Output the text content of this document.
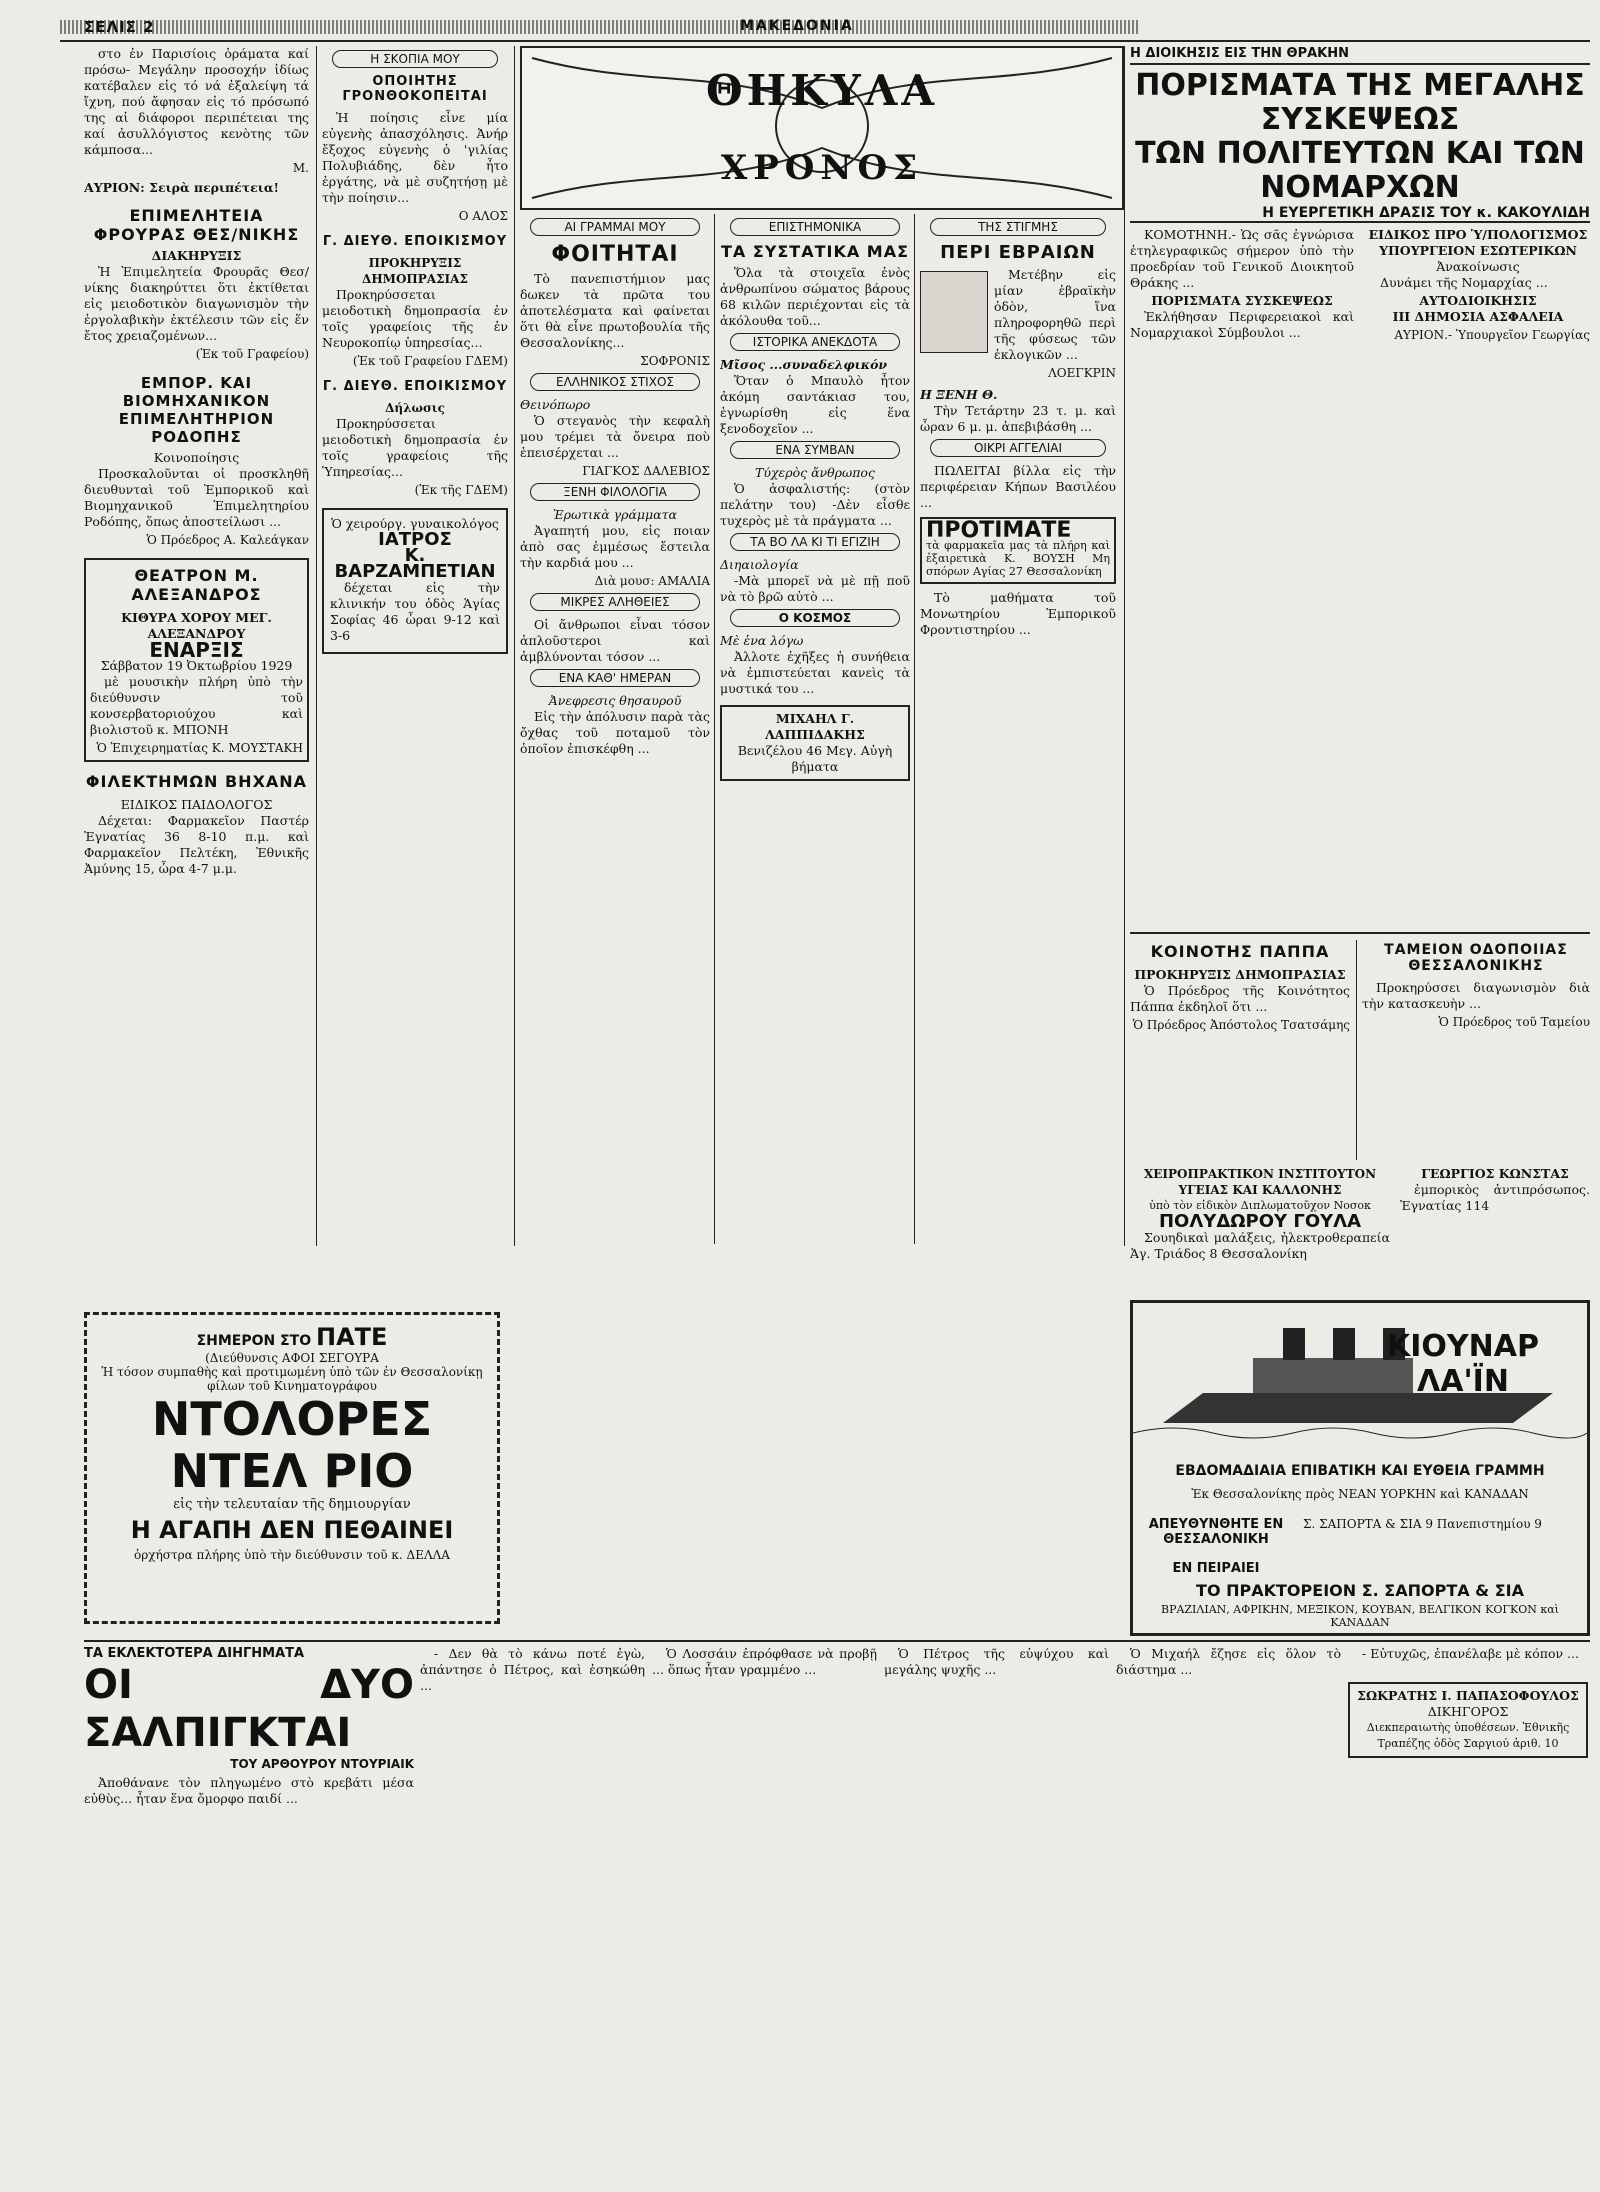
ΣΕΛΙΣ 2	ΜΑΚΕΔΟΝΙΑ

στο ἐν Παρισίοις ὁράματα καί πρόσω- Μεγάλην προσοχήν ἰδίως κατέβαλεν εἰς τό νά ἐξαλείψη τά ἴχνη, πού ἄφησαν εἰς τό πρόσωπό της αἱ διάφοροι περιπέτειαι της καί ἀσυλλόγιστος κενὸτης τῶν κάμποσα...

Μ.
ΑΥΡΙΟΝ: Σειρὰ περιπέτεια!
ΕΠΙΜΕΛΗΤΕΙΑ ΦΡΟΥΡΑΣ ΘΕΣ/ΝΙΚΗΣ
ΔΙΑΚΗΡΥΞΙΣ

Ἡ Ἐπιμελητεία Φρουρᾶς Θεσ/νίκης διακηρύττει ὅτι ἐκτίθεται εἰς μειοδοτικὸν διαγωνισμὸν τὴν ἐργολαβικὴν ἐκτέλεσιν τῶν εἰς ἕν ἔτος χρειαζομένων...

(Ἐκ τοῦ Γραφείου)
ΕΜΠΟΡ. ΚΑΙ ΒΙΟΜΗΧΑΝΙΚΟΝ ΕΠΙΜΕΛΗΤΗΡΙΟΝ ΡΟΔΟΠΗΣ
Κοινοποίησις

Προσκαλοῦνται οἱ προσκληθῆ διευθυνταὶ τοῦ Ἐμπορικοῦ καὶ Βιομηχανικοῦ Ἐπιμελητηρίου Ροδόπης, ὅπως ἀποστείλωσι ...

Ὁ Πρόεδρος Α. Καλεάγκαν
ΘΕΑΤΡΟΝ Μ. ΑΛΕΞΑΝΔΡΟΣ
ΚΙΘΥΡΑ ΧΟΡΟΥ ΜΕΓ. ΑΛΕΞΑΝΔΡΟΥ
ΕΝΑΡΞΙΣ
Σάββατον 19 Ὀκτωβρίου 1929

μὲ μουσικὴν πλήρη ὑπὸ τὴν διεύθυνσιν τοῦ κονσερβατοριούχου καὶ βιολιστοῦ κ. ΜΠΟΝΗ

Ὁ Ἐπιχειρηματίας Κ. ΜΟΥΣΤΑΚΗ
ΦΙΛΕΚΤΗΜΩΝ ΒΗΧΑΝΑ
ΕΙΔΙΚΟΣ ΠΑΙΔΟΛΟΓΟΣ

Δέχεται: Φαρμακεῖον Παστέρ Ἐγνατίας 36 8-10 π.μ. καὶ Φαρμακεῖον Πελτέκη, Ἐθνικῆς Ἀμύνης 15, ὧρα 4-7 μ.μ.

Η ΣΚΟΠΙΑ ΜΟΥ
ΟΠΟΙΗΤΗΣ ΓΡΟΝΘΟΚΟΠΕΙΤΑΙ

Ἡ ποίησις εἶνε μία εὐγενὴς ἀπασχόλησις. Ἀνήρ ἔξοχος εὐγενὴς ὁ 'γιλίας Πολυβιάδης, δὲν ἦτο ἐργάτης, νὰ μὲ συζητήσῃ μὲ τὴν ποίησιν...

Ο ΑΛΟΣ
Γ. ΔΙΕΥΘ. ΕΠΟΙΚΙΣΜΟΥ
ΠΡΟΚΗΡΥΞΙΣ ΔΗΜΟΠΡΑΣΙΑΣ

Προκηρύσσεται μειοδοτικὴ δημοπρασία ἐν τοῖς γραφείοις τῆς ἐν Νευροκοπίῳ ὑπηρεσίας...

(Ἐκ τοῦ Γραφείου ΓΔΕΜ)
Γ. ΔΙΕΥΘ. ΕΠΟΙΚΙΣΜΟΥ
Δήλωσις

Προκηρύσσεται μειοδοτικὴ δημοπρασία ἐν τοῖς γραφείοις τῆς Ὑπηρεσίας...

(Ἐκ τῆς ΓΔΕΜ)
Ὁ χειρούργ. γυναικολόγος
ΙΑΤΡΟΣ
Κ. ΒΑΡΖΑΜΠΕΤΙΑΝ

δέχεται εἰς τὴν κλινικήν του ὁδὸς Ἁγίας Σοφίας 46 ὧραι 9-12 καὶ 3-6

ΘΗΚΥΛΑ
ΧΡΟΝΟΣ
ΑΙ ΓΡΑΜΜΑΙ ΜΟΥ
ΦΟΙΤΗΤΑΙ

Τὸ πανεπιστήμιον μας δωκεν τὰ πρῶτα του ἀποτελέσματα καὶ φαίνεται ὅτι θὰ εἶνε πρωτοβουλία τῆς Θεσσαλονίκης...

ΣΟΦΡΟΝΙΣ
ΕΛΛΗΝΙΚΟΣ ΣΤΙΧΟΣ
Θεινόπωρο

Ὁ στεγανὸς τὴν κεφαλὴ μου τρέμει τὰ ὄνειρα ποὺ ἐπεισέρχεται ...

ΓΙΑΓΚΟΣ ΔΑΛΕΒΙΟΣ
ΞΕΝΗ ΦΙΛΟΛΟΓΙΑ
Ἐρωτικὰ γράμματα

Ἀγαπητή μου, εἰς ποιαν ἀπὸ σας ἐμμέσως ἔστειλα τὴν καρδιά μου ...

Διὰ μουσ: ΑΜΑΛΙΑ
ΜΙΚΡΕΣ ΑΛΗΘΕΙΕΣ

Οἱ ἄνθρωποι εἶναι τόσον ἀπλοῦστεροι καὶ ἀμβλύνονται τόσον ...

ΕΝΑ ΚΑΘ' ΗΜΕΡΑΝ
Ἀνεφρεσις θησαυροῦ

Εἰς τὴν ἀπόλυσιν παρὰ τὰς ὄχθας τοῦ ποταμοῦ τὸν ὁποῖον ἐπισκέφθη ...

ΕΠΙΣΤΗΜΟΝΙΚΑ
ΤΑ ΣΥΣΤΑΤΙΚΑ ΜΑΣ

Ὅλα τὰ στοιχεῖα ἐνὸς ἀνθρωπίνου σώματος βάρους 68 κιλῶν περιέχονται εἰς τὰ ἀκόλουθα τοῦ...

ΙΣΤΟΡΙΚΑ ΑΝΕΚΔΟΤΑ
Μῖσος ...συναδελφικόν

Ὅταν ὁ Μπαυλὸ ἦτον ἀκόμη σαντάκιασ του, ἐγνωρίσθη εἰς ἕνα ξενοδοχεῖον ...

ΕΝΑ ΣΥΜΒΑΝ
Τύχερὸς ἄνθρωπος

Ὁ ἀσφαλιστής: (στὸν πελάτην του) -Δὲν εἶσθε τυχερὸς μὲ τὰ πράγματα ...

ΤΑ ΒΟ ΛΑ ΚΙ ΤΙ ΕΓΙΖΙΗ
Διηαιολογία

-Μὰ μπορεῖ νὰ μὲ πῇ ποῦ νὰ τὸ βρῶ αὐτὸ ...

Ο ΚΟΣΜΟΣ
Μὲ ἐνα λόγω

Ἀλλοτε ἐχῆξες ἡ συνήθεια νὰ ἐμπιστεύεται κανεὶς τὰ μυστικά του ...

ΜΙΧΑΗΛ Γ. ΛΑΠΠΙΔΑΚΗΣ
Βενιζέλου 46 Μεγ. Αὐγὴ βήματα
ΤΗΣ ΣΤΙΓΜΗΣ
ΠΕΡΙ ΕΒΡΑΙΩΝ

Μετέβην εἰς μίαν ἑβραϊκὴν ὁδὸν, ἵνα πληροφορηθῶ περὶ τῆς φύσεως τῶν ἐκλογικῶν ...

ΛΟΕΓΚΡΙΝ
Η ΞΕΝΗ Θ.

Τὴν Τετάρτην 23 τ. μ. καὶ ὧραν 6 μ. μ. ἀπεβιβάσθη ...

ΟΙΚΡΙ ΑΓΓΕΛΙΑΙ

ΠΩΛΕΙΤΑΙ βίλλα εἰς τὴν περιφέρειαν Κήπων Βασιλέου ...

ΠΡΟΤΙΜΑΤΕ
τὰ φαρμακεῖα μας τὰ πλήρη καὶ ἐξαιρετικὰ Κ. ΒΟΥΣΗ Μη σπόρων Αγίας 27 Θεσσαλονίκη

Τὸ μαθήματα τοῦ Μονωτηρίου Ἐμπορικοῦ Φροντιστηρίου ...

Η ΔΙΟΙΚΗΣΙΣ ΕΙΣ ΤΗΝ ΘΡΑΚΗΝ
ΠΟΡΙΣΜΑΤΑ ΤΗΣ ΜΕΓΑΛΗΣ ΣΥΣΚΕΨΕΩΣ
ΤΩΝ ΠΟΛΙΤΕΥΤΩΝ ΚΑΙ ΤΩΝ ΝΟΜΑΡΧΩΝ
Η ΕΥΕΡΓΕΤΙΚΗ ΔΡΑΣΙΣ ΤΟΥ κ. ΚΑΚΟΥΛΙΔΗ

ΚΟΜΟΤΗΝΗ.- Ὡς σᾶς ἐγνώρισα ἐτηλεγραφικῶς σήμερον ὑπὸ τὴν προεδρίαν τοῦ Γενικοῦ Διοικητοῦ Θράκης ...

ΠΟΡΙΣΜΑΤΑ ΣΥΣΚΕΨΕΩΣ

Ἐκλήθησαν Περιφερειακοὶ καὶ Νομαρχιακοὶ Σύμβουλοι ...

ΕΙΔΙΚΟΣ ΠΡΟ Ὑ/ΠΟΛΟΓΙΣΜΟΣ
ΥΠΟΥΡΓΕΙΟΝ ΕΣΩΤΕΡΙΚΩΝ
Ἀνακοίνωσις

Δυνάμει τῆς Νομαρχίας ...

ΑΥΤΟΔΙΟΙΚΗΣΙΣ
ΙΙΙ ΔΗΜΟΣΙΑ ΑΣΦΑΛΕΙΑ
ΑΥΡΙΟΝ.- Ὑπουργεῖον Γεωργίας
ΚΟΙΝΟΤΗΣ ΠΑΠΠΑ
ΠΡΟΚΗΡΥΞΙΣ ΔΗΜΟΠΡΑΣΙΑΣ

Ὁ Πρόεδρος τῆς Κοινότητος Πάππα ἐκδηλοῖ ὅτι ...

Ὁ Πρόεδρος Ἀπόστολος Τσατσάμης
ΤΑΜΕΙΟΝ ΟΔΟΠΟΙΙΑΣ ΘΕΣΣΑΛΟΝΙΚΗΣ

Προκηρύσσει διαγωνισμὸν διὰ τὴν κατασκευὴν ...

Ὁ Πρόεδρος τοῦ Ταμείου
ΧΕΙΡΟΠΡΑΚΤΙΚΟΝ ΙΝΣΤΙΤΟΥΤΟΝ ΥΓΕΙΑΣ ΚΑΙ ΚΑΛΛΟΝΗΣ
ὑπὸ τὸν εἰδικὸν Διπλωματοῦχον Νοσοκ
ΠΟΛΥΔΩΡΟΥ ΓΟΥΛΑ

Σουηδικαὶ μαλάξεις, ἠλεκτροθεραπεία Ἁγ. Τριάδος 8 Θεσσαλονίκη

ΓΕΩΡΓΙΟΣ ΚΩΝΣΤΑΣ

ἐμπορικὸς ἀντιπρόσωπος. Ἐγνατίας 114

ΚΙΟΥΝΑΡ ΛΑ'ΪΝ
ΕΒΔΟΜΑΔΙΑΙΑ ΕΠΙΒΑΤΙΚΗ ΚΑΙ ΕΥΘΕΙΑ ΓΡΑΜΜΗ
Ἐκ Θεσσαλονίκης πρὸς ΝΕΑΝ ΥΟΡΚΗΝ καὶ ΚΑΝΑΔΑΝ
ΑΠΕΥΘΥΝΘΗΤΕ ΕΝ ΘΕΣΣΑΛΟΝΙΚΗ
Σ. ΣΑΠΟΡΤΑ & ΣΙΑ 9 Πανεπιστημίου 9
ΕΝ ΠΕΙΡΑΙΕΙ
ΤΟ ΠΡΑΚΤΟΡΕΙΟΝ Σ. ΣΑΠΟΡΤΑ & ΣΙΑ
ΒΡΑΖΙΛΙΑΝ, ΑΦΡΙΚΗΝ, ΜΕΞΙΚΟΝ, ΚΟΥΒΑΝ, ΒΕΛΓΙΚΟΝ ΚΟΓΚΟΝ καὶ ΚΑΝΑΔΑΝ
ΣΗΜΕΡΟΝ ΣΤΟ ΠΑΤΕ
(Διεύθυνσις ΑΦΟΙ ΣΕΓΟΥΡΑ
Ἡ τόσον συμπαθὴς καὶ προτιμωμένη ὑπὸ τῶν ἐν Θεσσαλονίκῃ φίλων τοῦ Κινηματογράφου
ΝΤΟΛΟΡΕΣ
ΝΤΕΛ ΡΙΟ
εἰς τὴν τελευταίαν τῆς δημιουργίαν
Η ΑΓΑΠΗ ΔΕΝ ΠΕΘΑΙΝΕΙ
ὀρχήστρα πλήρης ὑπὸ τὴν διεύθυνσιν τοῦ κ. ΔΕΛΛΑ
ΤΑ ΕΚΛΕΚΤΟΤΕΡΑ ΔΙΗΓΗΜΑΤΑ
ΟΙ ΔΥΟ ΣΑΛΠΙΓΚΤΑΙ
ΤΟΥ ΑΡΘΟΥΡΟΥ ΝΤΟΥΡΙΑΙΚ

Ἀποθάνανε τὸν πληγωμένο στὸ κρεβάτι μέσα εὐθὺς... ἦταν ἕνα ὄμορφο παιδί ...

- Δεν θὰ τὸ κάνω ποτέ ἐγὼ, ἀπάντησε ὁ Πέτρος, καὶ ἐσηκώθη ...

Ὁ Λοσσάιν ἐπρόφθασε νὰ προβῇ ... ὅπως ἦταν γραμμένο ...

Ὁ Πέτρος τῆς εὐψύχου καὶ μεγάλης ψυχῆς ...

Ὁ Μιχαήλ ἔζησε εἰς ὅλον τὸ διάστημα ...

- Εὐτυχῶς, ἐπανέλαβε μὲ κόπον ...

ΣΩΚΡΑΤΗΣ Ι. ΠΑΠΑΣΟΦΟΥΛΟΣ
ΔΙΚΗΓΟΡΟΣ
Διεκπεραιωτὴς ὑποθέσεων. Ἐθνικῆς Τραπέζης ὁδὸς Σαργιού ἀριθ. 10
